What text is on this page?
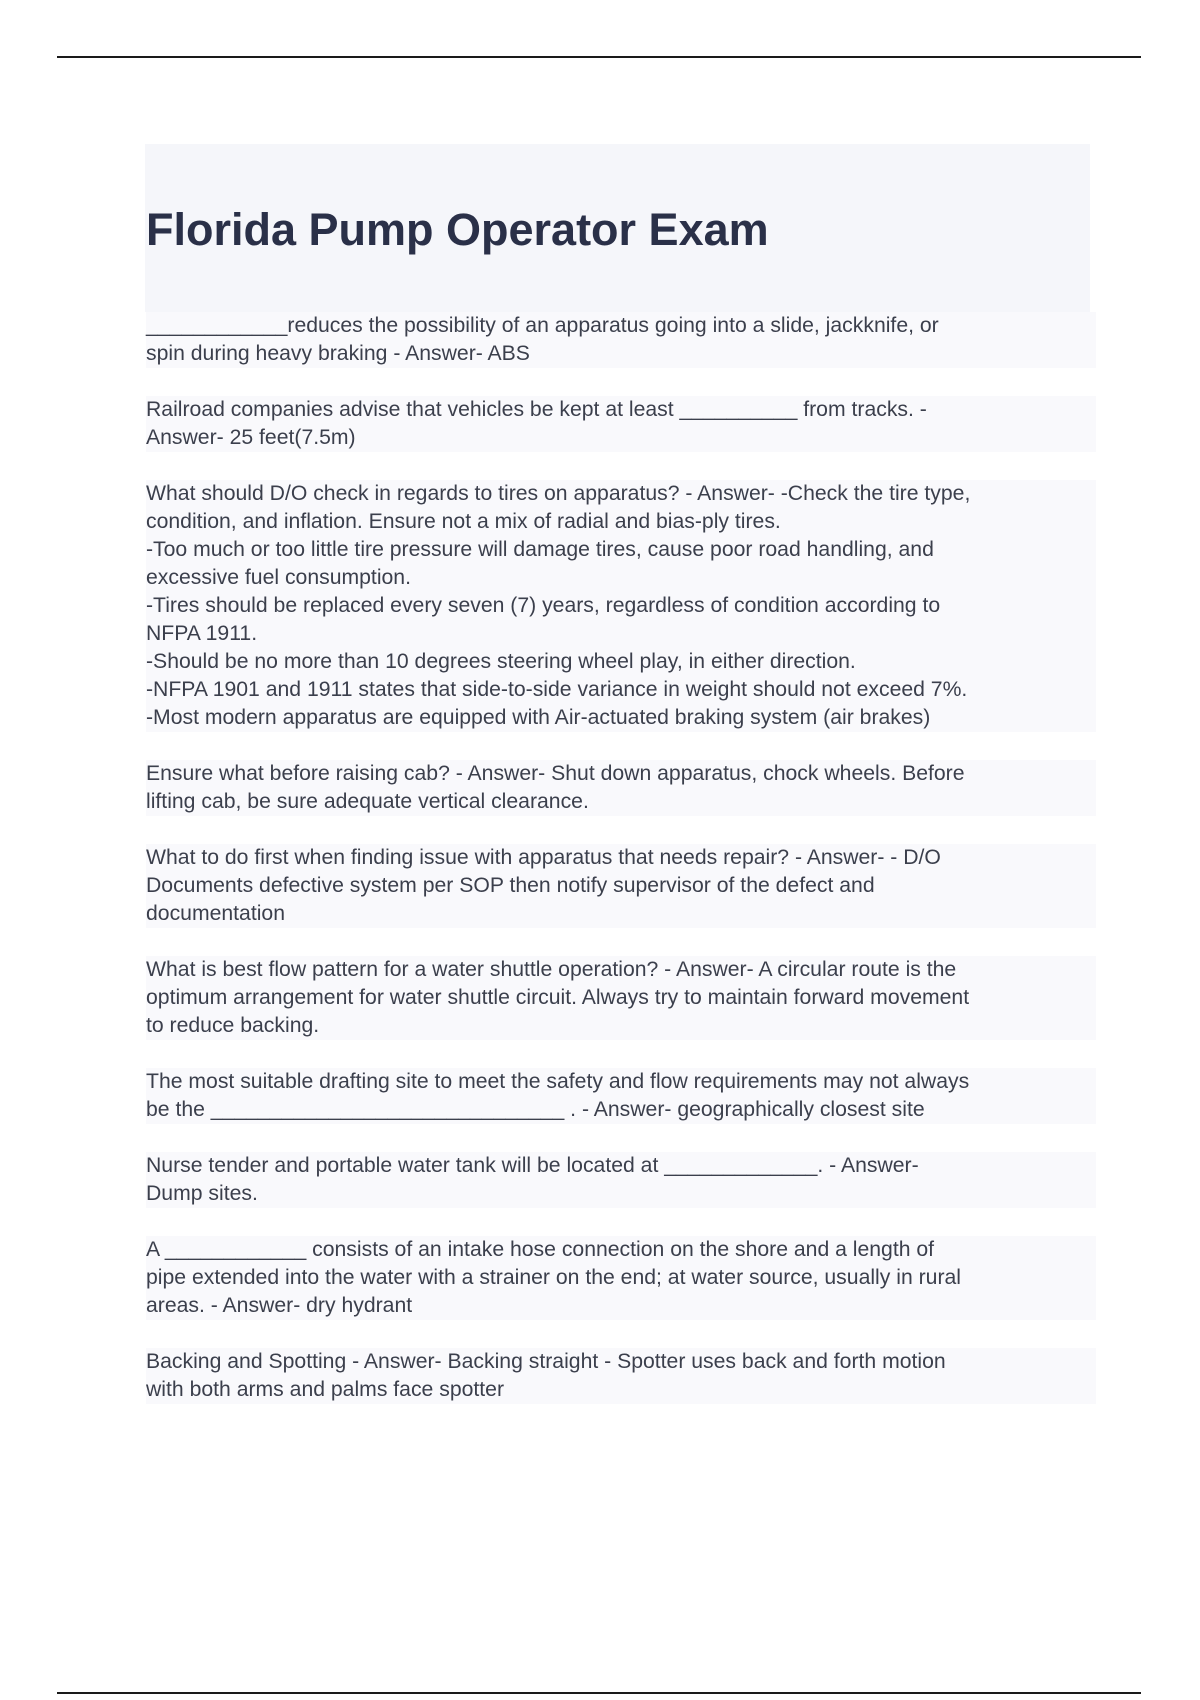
Florida Pump Operator Exam
____________reduces the possibility of an apparatus going into a slide, jackknife, or
spin during heavy braking - Answer- ABS
Railroad companies advise that vehicles be kept at least __________ from tracks. -
Answer- 25 feet(7.5m)
What should D/O check in regards to tires on apparatus? - Answer- -Check the tire type,
condition, and inflation. Ensure not a mix of radial and bias-ply tires.
-Too much or too little tire pressure will damage tires, cause poor road handling, and
excessive fuel consumption.
-Tires should be replaced every seven (7) years, regardless of condition according to
NFPA 1911.
-Should be no more than 10 degrees steering wheel play, in either direction.
-NFPA 1901 and 1911 states that side-to-side variance in weight should not exceed 7%.
-Most modern apparatus are equipped with Air-actuated braking system (air brakes)
Ensure what before raising cab? - Answer- Shut down apparatus, chock wheels. Before
lifting cab, be sure adequate vertical clearance.
What to do first when finding issue with apparatus that needs repair? - Answer- - D/O
Documents defective system per SOP then notify supervisor of the defect and
documentation
What is best flow pattern for a water shuttle operation? - Answer- A circular route is the
optimum arrangement for water shuttle circuit. Always try to maintain forward movement
to reduce backing.
The most suitable drafting site to meet the safety and flow requirements may not always
be the ______________________________ . - Answer- geographically closest site
Nurse tender and portable water tank will be located at _____________. - Answer-
Dump sites.
A ____________ consists of an intake hose connection on the shore and a length of
pipe extended into the water with a strainer on the end; at water source, usually in rural
areas. - Answer- dry hydrant
Backing and Spotting - Answer- Backing straight - Spotter uses back and forth motion
with both arms and palms face spotter
